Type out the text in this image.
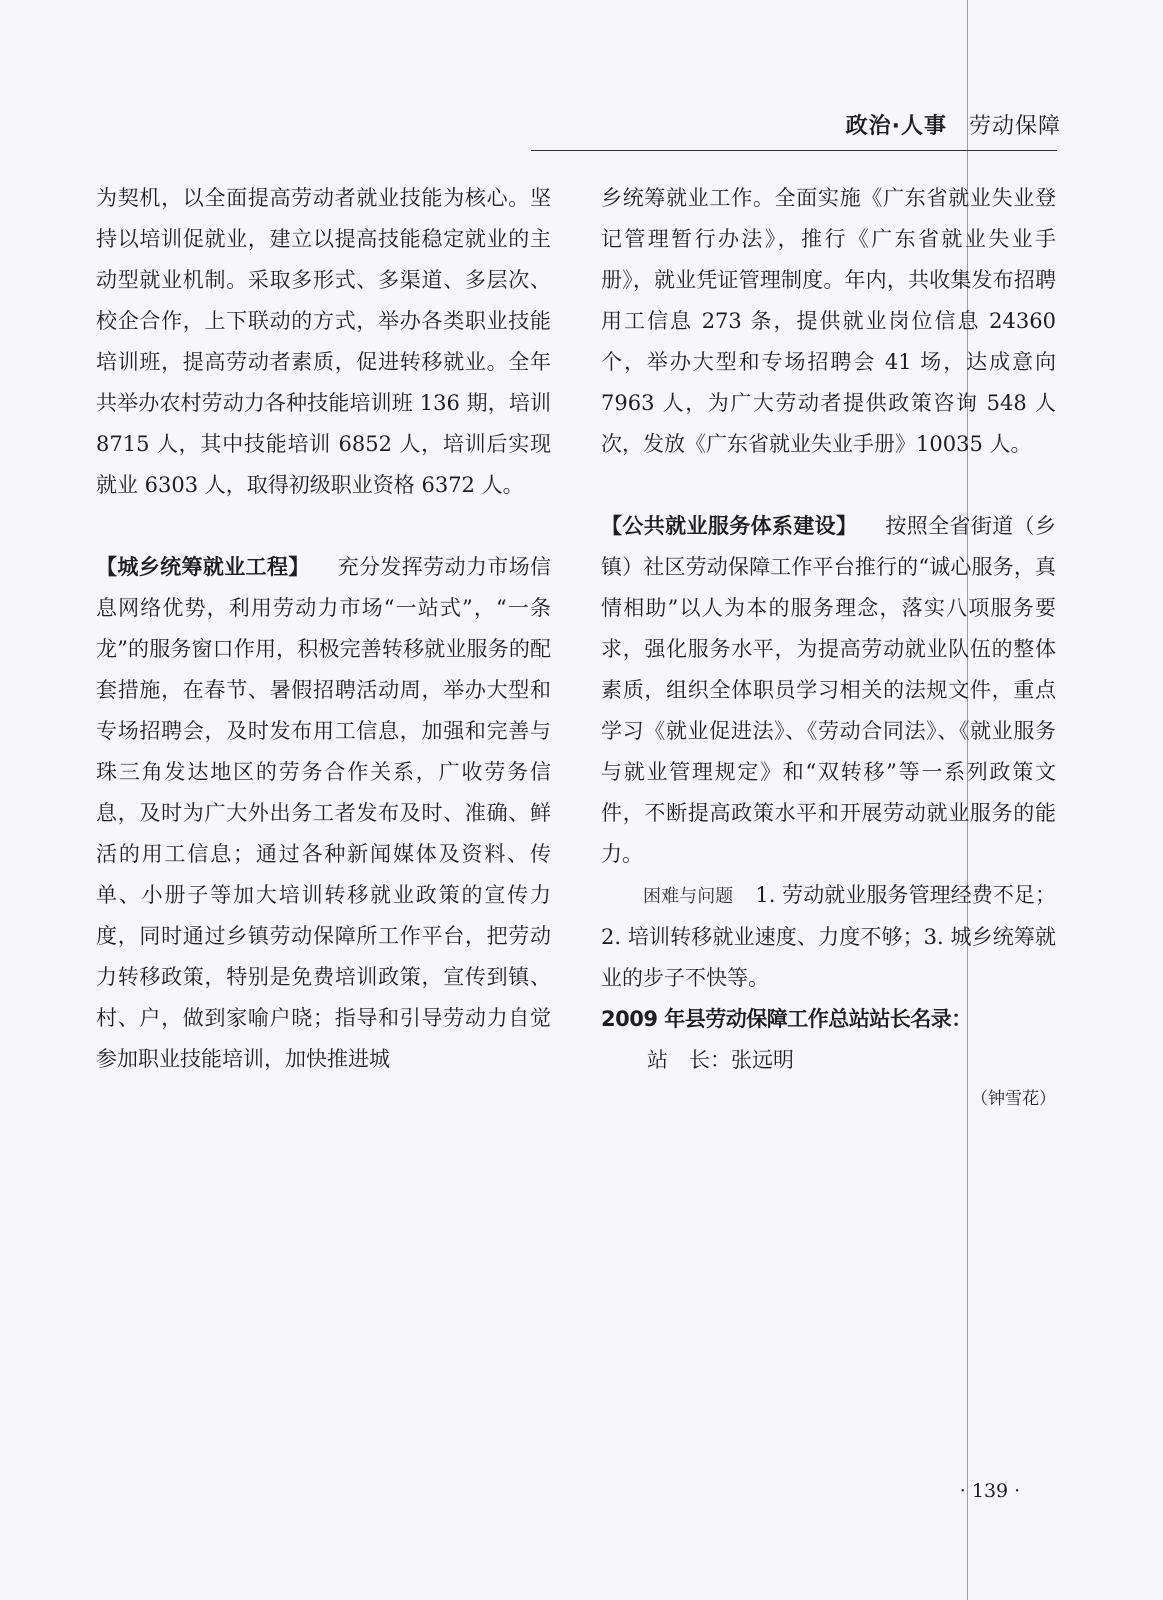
政治·人事 劳动保障

为契机，以全面提高劳动者就业技能为核心。坚持以培训促就业，建立以提高技能稳定就业的主动型就业机制。采取多形式、多渠道、多层次、校企合作，上下联动的方式，举办各类职业技能培训班，提高劳动者素质，促进转移就业。全年共举办农村劳动力各种技能培训班 136 期，培训 8715 人，其中技能培训 6852 人，培训后实现就业 6303 人，取得初级职业资格 6372 人。

【城乡统筹就业工程】 充分发挥劳动力市场信息网络优势，利用劳动力市场“一站式”，“一条龙”的服务窗口作用，积极完善转移就业服务的配套措施，在春节、暑假招聘活动周，举办大型和专场招聘会，及时发布用工信息，加强和完善与珠三角发达地区的劳务合作关系，广收劳务信息，及时为广大外出务工者发布及时、准确、鲜活的用工信息；通过各种新闻媒体及资料、传单、小册子等加大培训转移就业政策的宣传力度，同时通过乡镇劳动保障所工作平台，把劳动力转移政策，特别是免费培训政策，宣传到镇、村、户，做到家喻户晓；指导和引导劳动力自觉参加职业技能培训，加快推进城

乡统筹就业工作。全面实施《广东省就业失业登记管理暂行办法》，推行《广东省就业失业手册》，就业凭证管理制度。年内，共收集发布招聘用工信息 273 条，提供就业岗位信息 24360 个，举办大型和专场招聘会 41 场，达成意向 7963 人，为广大劳动者提供政策咨询 548 人次，发放《广东省就业失业手册》10035 人。

【公共就业服务体系建设】 按照全省街道（乡镇）社区劳动保障工作平台推行的“诚心服务，真情相助”以人为本的服务理念，落实八项服务要求，强化服务水平，为提高劳动就业队伍的整体素质，组织全体职员学习相关的法规文件，重点学习《就业促进法》、《劳动合同法》、《就业服务与就业管理规定》和“双转移”等一系列政策文件，不断提高政策水平和开展劳动就业服务的能力。

困难与问题 1. 劳动就业服务管理经费不足；2. 培训转移就业速度、力度不够；3. 城乡统筹就业的步子不快等。

2009 年县劳动保障工作总站站长名录：

站　长：张远明

（钟雪花）

· 139 ·
